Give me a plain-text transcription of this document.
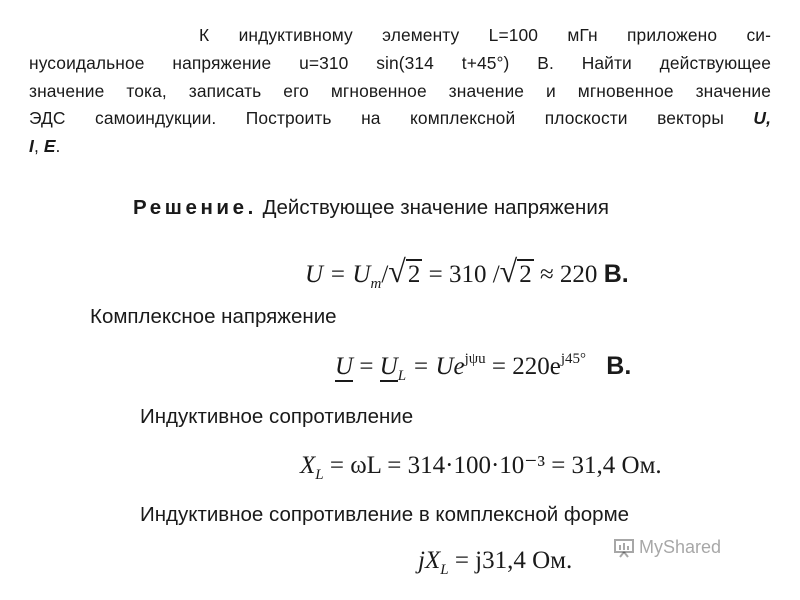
К индуктивному элементу L=100 мГн приложено си-
нусоидальное напряжение u=310 sin(314 t+45°) В. Найти действующее
значение тока, записать его мгновенное значение и мгновенное значение
ЭДС самоиндукции. Построить на комплексной плоскости векторы U,
I, E.
Решение. Действующее значение напряжения
$U = U_m/√2 = 310$ /√2 ≈ 220 В.
Комплексное напряжение
$U = U_L = Ue^{j\psi u} = 220e^{j45^\circ}$ В.
Индуктивное сопротивление
$X_L = \omega L = 314\cdot 100\cdot 10^{-3} = 31,4$ Ом.
Индуктивное сопротивление в комплексной форме
$jX_L = j31,4$ Ом.	MyShared
